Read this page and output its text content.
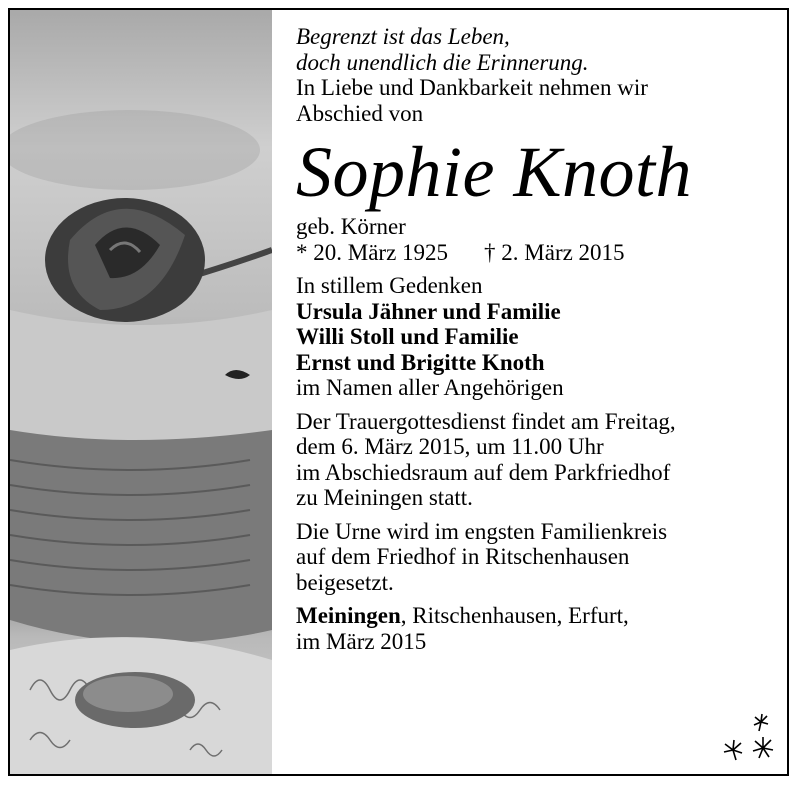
Begrenzt ist das Leben,

doch unendlich die Erinnerung.

In Liebe und Dankbarkeit nehmen wir

Abschied von

Sophie Knoth

geb. Körner

* 20. März 1925 † 2. März 2015

In stillem Gedenken

Ursula Jähner und Familie

Willi Stoll und Familie

Ernst und Brigitte Knoth

im Namen aller Angehörigen

Der Trauergottesdienst findet am Freitag,

dem 6. März 2015, um 11.00 Uhr

im Abschiedsraum auf dem Parkfriedhof

zu Meiningen statt.

Die Urne wird im engsten Familienkreis

auf dem Friedhof in Ritschenhausen

beigesetzt.

Meiningen, Ritschenhausen, Erfurt,

im März 2015
